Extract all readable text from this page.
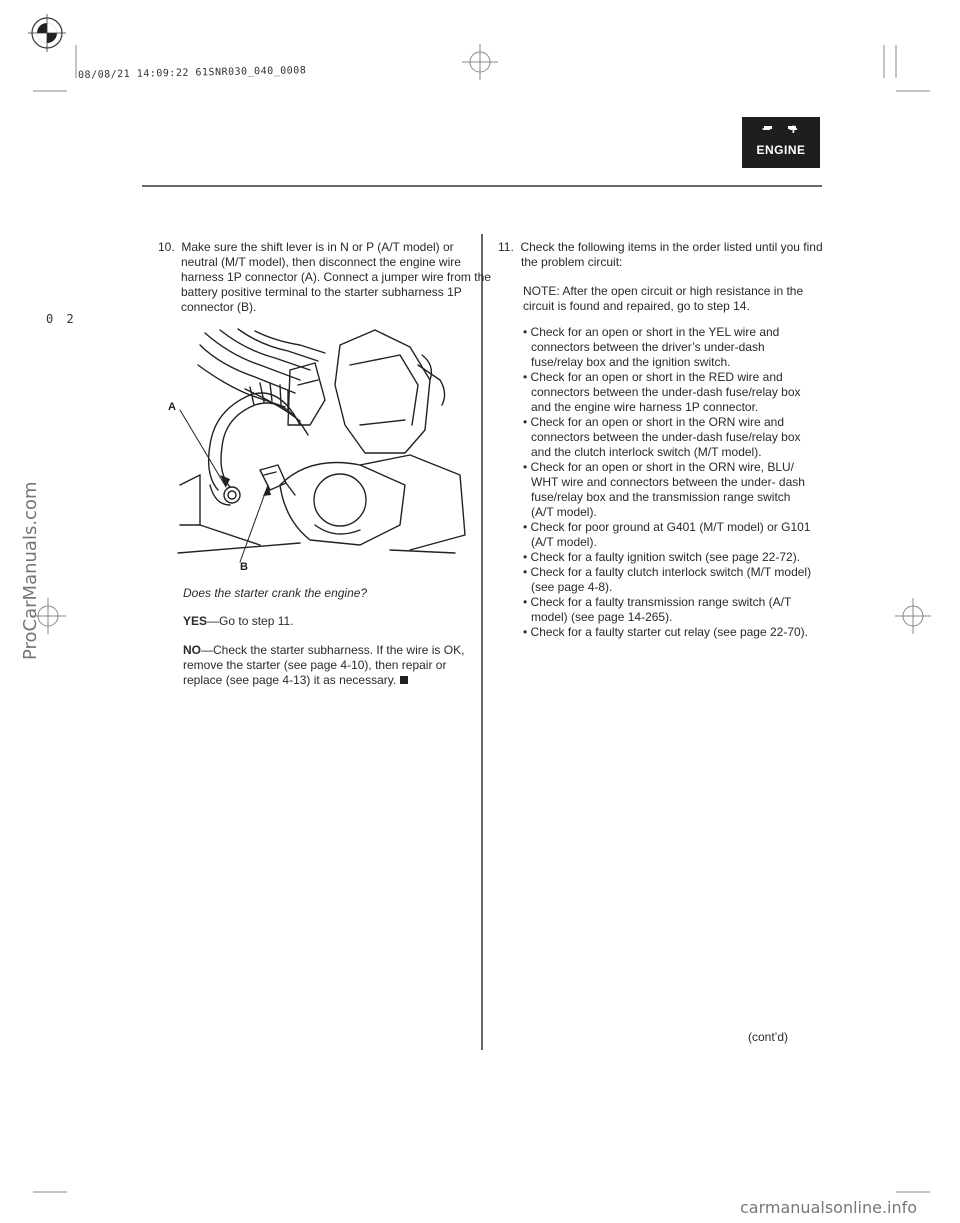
08/08/21 14:09:22 61SNR030_040_0008
0 2
− +
ENGINE
10. Make sure the shift lever is in N or P (A/T model) or neutral (M/T model), then disconnect the engine wire harness 1P connector (A). Connect a jumper wire from the battery positive terminal to the starter subharness 1P connector (B).
A
B
Does the starter crank the engine?
YES—Go to step 11.
NO—Check the starter subharness. If the wire is OK, remove the starter (see page 4-10), then repair or replace (see page 4-13) it as necessary.
11. Check the following items in the order listed until you find the problem circuit:
NOTE: After the open circuit or high resistance in the circuit is found and repaired, go to step 14.

• Check for an open or short in the YEL wire and connectors between the driver’s under-dash fuse/relay box and the ignition switch.

• Check for an open or short in the RED wire and connectors between the under-dash fuse/relay box and the engine wire harness 1P connector.

• Check for an open or short in the ORN wire and connectors between the under-dash fuse/relay box and the clutch interlock switch (M/T model).

• Check for an open or short in the ORN wire, BLU/ WHT wire and connectors between the under- dash fuse/relay box and the transmission range switch (A/T model).

• Check for poor ground at G401 (M/T model) or G101 (A/T model).

• Check for a faulty ignition switch (see page 22-72).

• Check for a faulty clutch interlock switch (M/T model) (see page 4-8).

• Check for a faulty transmission range switch (A/T model) (see page 14-265).

• Check for a faulty starter cut relay (see page 22-70).

(cont’d)
ProCarManuals.com
carmanualsonline.info
